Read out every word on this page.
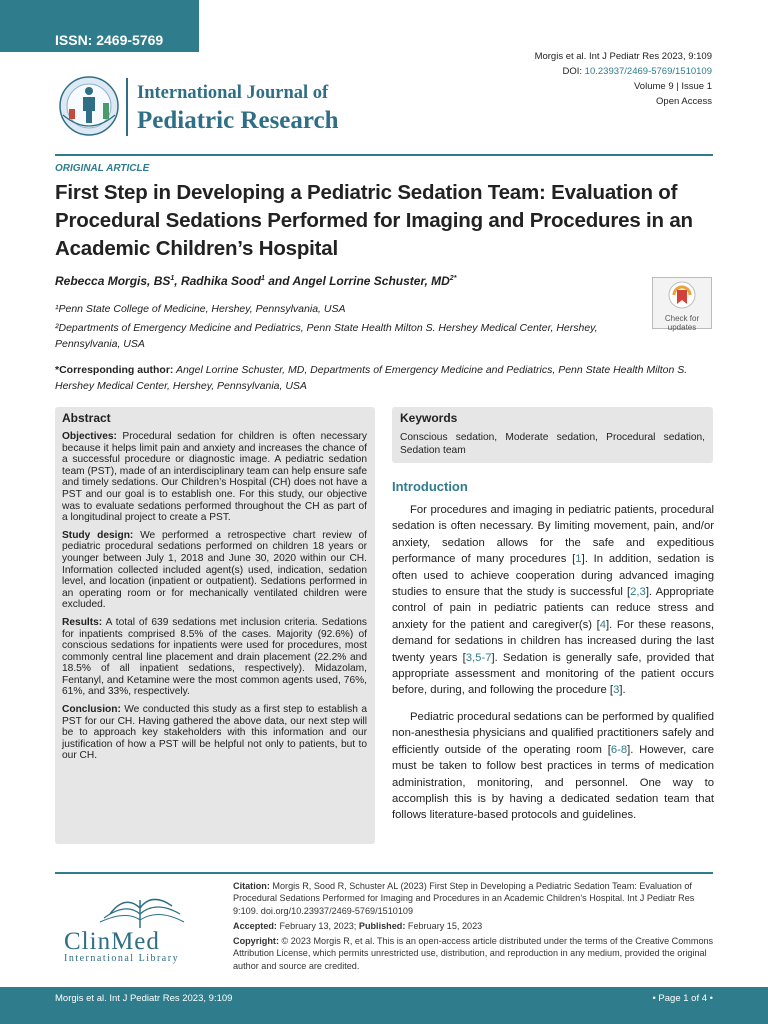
ISSN: 2469-5769
Morgis et al. Int J Pediatr Res 2023, 9:109
DOI: 10.23937/2469-5769/1510109
Volume 9 | Issue 1
Open Access
International Journal of
Pediatric Research
ORIGINAL ARTICLE
First Step in Developing a Pediatric Sedation Team: Evaluation of Procedural Sedations Performed for Imaging and Procedures in an Academic Children’s Hospital
Rebecca Morgis, $BS^1$, Radhika Sood$^1$ and Angel Lorrine Schuster, $MD^{2*}$
Check for
updates
¹Penn State College of Medicine, Hershey, Pennsylvania, USA
²Departments of Emergency Medicine and Pediatrics, Penn State Health Milton S. Hershey Medical Center, Hershey, Pennsylvania, USA
*Corresponding author: Angel Lorrine Schuster, MD, Departments of Emergency Medicine and Pediatrics, Penn State Health Milton S. Hershey Medical Center, Hershey, Pennsylvania, USA
Abstract

Objectives: Procedural sedation for children is often necessary because it helps limit pain and anxiety and increases the chance of a successful procedure or diagnostic image. A pediatric sedation team (PST), made of an interdisciplinary team can help ensure safe and timely sedations. Our Children’s Hospital (CH) does not have a PST and our goal is to establish one. For this study, our objective was to evaluate sedations performed throughout the CH as part of a longitudinal project to create a PST.

Study design: We performed a retrospective chart review of pediatric procedural sedations performed on children 18 years or younger between July 1, 2018 and June 30, 2020 within our CH. Information collected included agent(s) used, indication, sedation level, and location (inpatient or outpatient). Sedations performed in an operating room or for mechanically ventilated children were excluded.

Results: A total of 639 sedations met inclusion criteria. Sedations for inpatients comprised 8.5% of the cases. Majority (92.6%) of conscious sedations for inpatients were used for procedures, most commonly central line placement and drain placement (22.2% and 18.5% of all inpatient sedations, respectively). Midazolam, Fentanyl, and Ketamine were the most common agents used, 76%, 61%, and 33%, respectively.

Conclusion: We conducted this study as a first step to establish a PST for our CH. Having gathered the above data, our next step will be to approach key stakeholders with this information and our justification of how a PST will be helpful not only to patients, but to our CH.

Keywords

Conscious sedation, Moderate sedation, Procedural sedation, Sedation team

Introduction

For procedures and imaging in pediatric patients, procedural sedation is often necessary. By limiting movement, pain, and/or anxiety, sedation allows for the safe and expeditious performance of many procedures [1]. In addition, sedation is often used to achieve cooperation during advanced imaging studies to ensure that the study is successful [2,3]. Appropriate control of pain in pediatric patients can reduce stress and anxiety for the patient and caregiver(s) [4]. For these reasons, demand for sedations in children has increased during the last twenty years [3,5-7]. Sedation is generally safe, provided that appropriate assessment and monitoring of the patient occurs before, during, and following the procedure [3].

Pediatric procedural sedations can be performed by qualified non-anesthesia physicians and qualified practitioners safely and efficiently outside of the operating room [6-8]. However, care must be taken to follow best practices in terms of medication administration, monitoring, and personnel. One way to accomplish this is by having a dedicated sedation team that follows literature-based protocols and guidelines.

ClinMed
International Library

Citation: Morgis R, Sood R, Schuster AL (2023) First Step in Developing a Pediatric Sedation Team: Evaluation of Procedural Sedations Performed for Imaging and Procedures in an Academic Children’s Hospital. Int J Pediatr Res 9:109. doi.org/10.23937/2469-5769/1510109

Accepted: February 13, 2023; Published: February 15, 2023

Copyright: © 2023 Morgis R, et al. This is an open-access article distributed under the terms of the Creative Commons Attribution License, which permits unrestricted use, distribution, and reproduction in any medium, provided the original author and source are credited.

Morgis et al. Int J Pediatr Res 2023, 9:109	• Page 1 of 4 •
